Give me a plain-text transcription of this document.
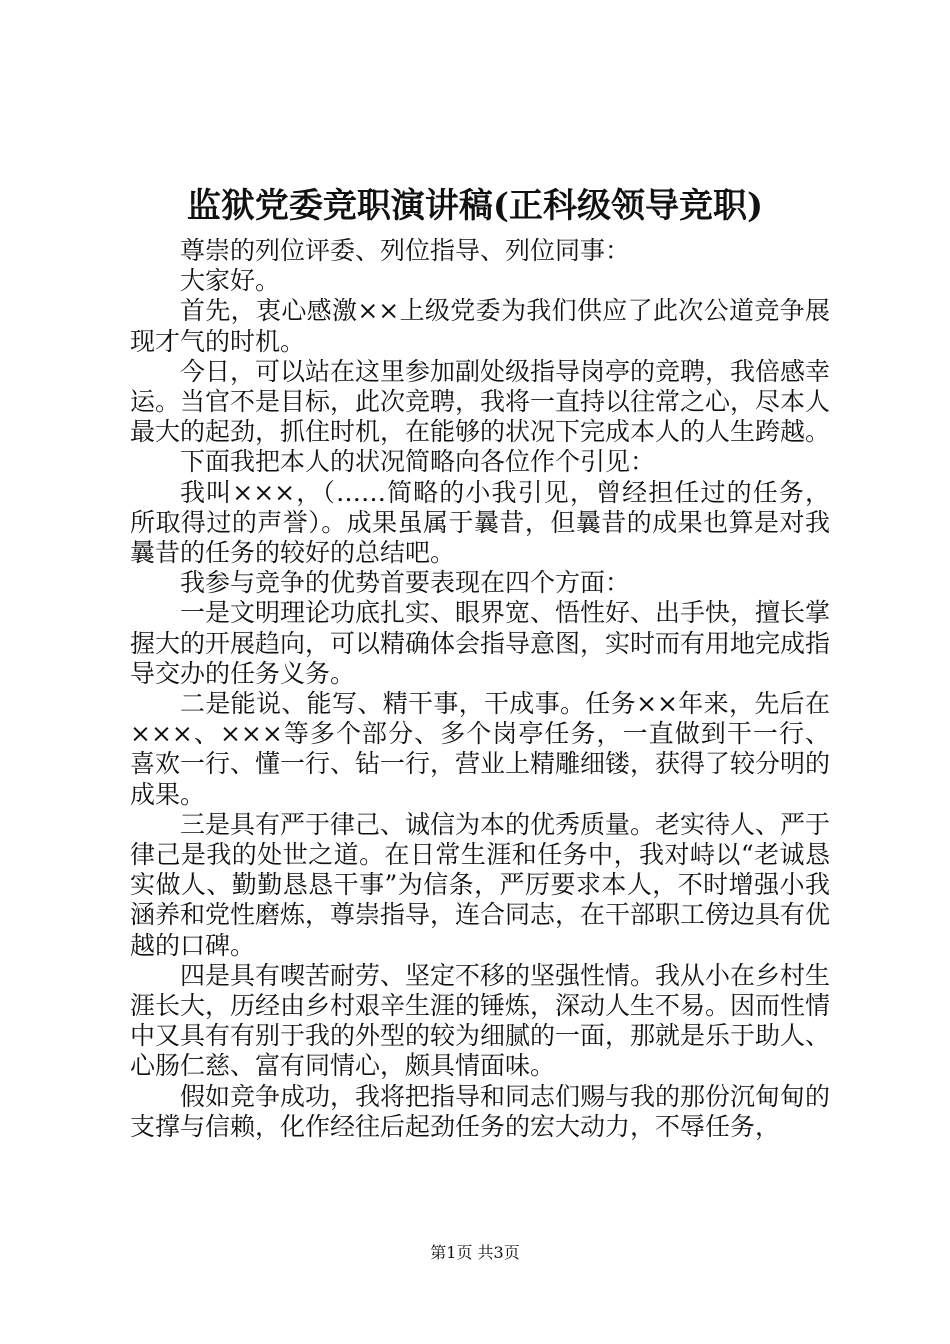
监狱党委竞职演讲稿(正科级领导竞职)

尊崇的列位评委、列位指导、列位同事：

大家好。

首先，衷心感激××上级党委为我们供应了此次公道竞争展现才气的时机。

今日，可以站在这里参加副处级指导岗亭的竞聘，我倍感幸运。当官不是目标，此次竞聘，我将一直持以往常之心，尽本人最大的起劲，抓住时机，在能够的状况下完成本人的人生跨越。

下面我把本人的状况简略向各位作个引见：

我叫×××，（……简略的小我引见，曾经担任过的任务，所取得过的声誉）。成果虽属于曩昔，但曩昔的成果也算是对我曩昔的任务的较好的总结吧。

我参与竞争的优势首要表现在四个方面：

一是文明理论功底扎实、眼界宽、悟性好、出手快，擅长掌握大的开展趋向，可以精确体会指导意图，实时而有用地完成指导交办的任务义务。

二是能说、能写、精干事，干成事。任务××年来，先后在×××、×××等多个部分、多个岗亭任务，一直做到干一行、喜欢一行、懂一行、钻一行，营业上精雕细镂，获得了较分明的成果。

三是具有严于律己、诚信为本的优秀质量。老实待人、严于律己是我的处世之道。在日常生涯和任务中，我对峙以“老诚恳实做人、勤勤恳恳干事”为信条，严厉要求本人，不时增强小我涵养和党性磨炼，尊崇指导，连合同志，在干部职工傍边具有优越的口碑。

四是具有喫苦耐劳、坚定不移的坚强性情。我从小在乡村生涯长大，历经由乡村艰辛生涯的锤炼，深动人生不易。因而性情中又具有有别于我的外型的较为细腻的一面，那就是乐于助人、心肠仁慈、富有同情心，颇具情面味。

假如竞争成功，我将把指导和同志们赐与我的那份沉甸甸的支撑与信赖，化作经往后起劲任务的宏大动力，不辱任务，

第1页 共3页
